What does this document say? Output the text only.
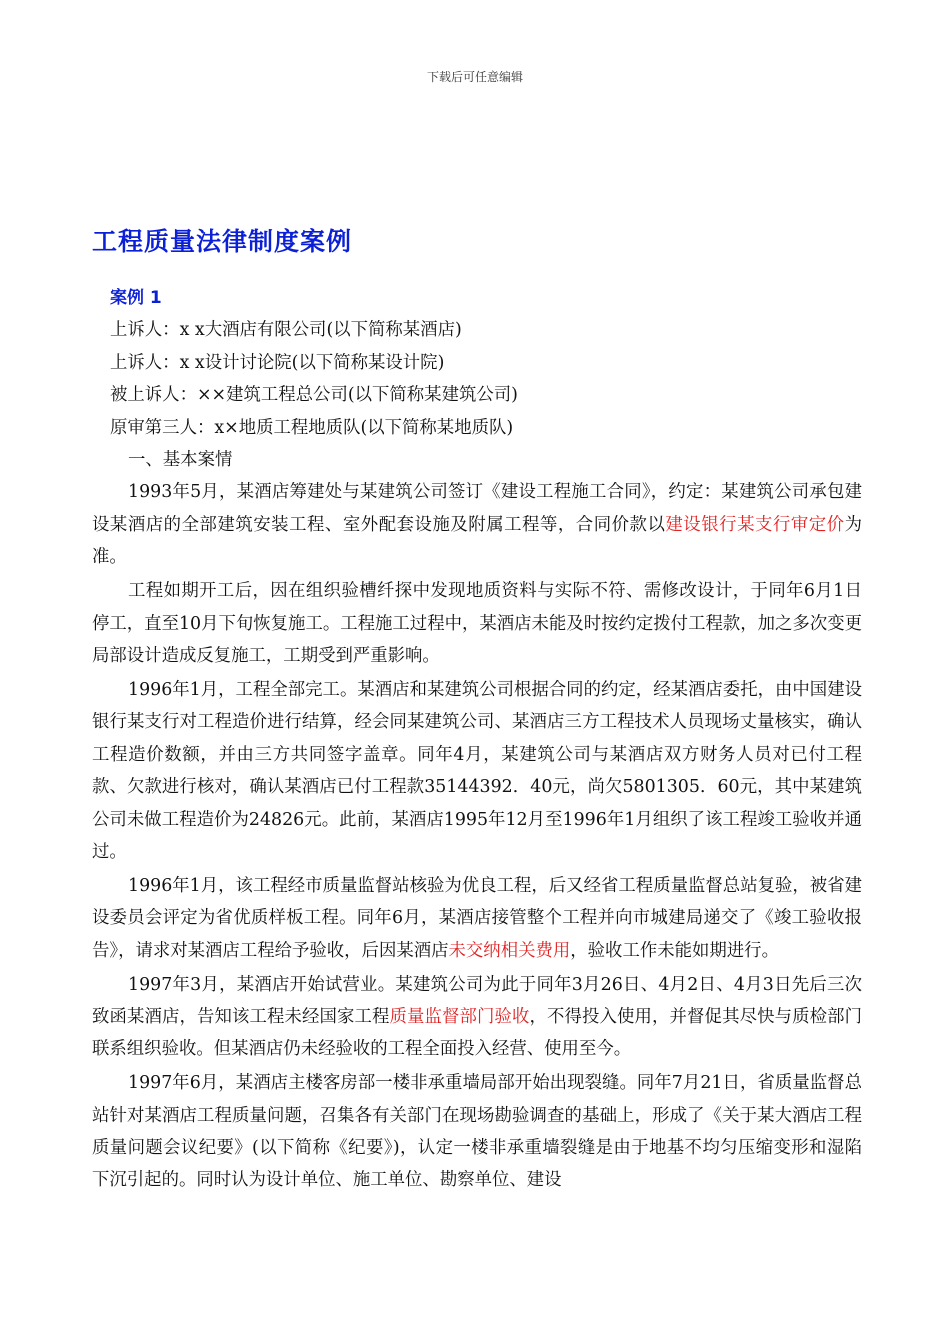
下载后可任意编辑
工程质量法律制度案例
案例 1
上诉人：x x大酒店有限公司(以下简称某酒店)
上诉人：x x设计讨论院(以下简称某设计院)
被上诉人：××建筑工程总公司(以下简称某建筑公司)
原审第三人：x×地质工程地质队(以下简称某地质队)
一、基本案情

1993年5月，某酒店筹建处与某建筑公司签订《建设工程施工合同》，约定：某建筑公司承包建设某酒店的全部建筑安装工程、室外配套设施及附属工程等，合同价款以建设银行某支行审定价为准。

工程如期开工后，因在组织验槽纤探中发现地质资料与实际不符、需修改设计，于同年6月1日停工，直至10月下旬恢复施工。工程施工过程中，某酒店未能及时按约定拨付工程款，加之多次变更局部设计造成反复施工，工期受到严重影响。

1996年1月，工程全部完工。某酒店和某建筑公司根据合同的约定，经某酒店委托，由中国建设银行某支行对工程造价进行结算，经会同某建筑公司、某酒店三方工程技术人员现场丈量核实，确认工程造价数额，并由三方共同签字盖章。同年4月，某建筑公司与某酒店双方财务人员对已付工程款、欠款进行核对，确认某酒店已付工程款35144392．40元，尚欠5801305．60元，其中某建筑公司未做工程造价为24826元。此前，某酒店1995年12月至1996年1月组织了该工程竣工验收并通过。

1996年1月，该工程经市质量监督站核验为优良工程，后又经省工程质量监督总站复验，被省建设委员会评定为省优质样板工程。同年6月，某酒店接管整个工程并向市城建局递交了《竣工验收报告》，请求对某酒店工程给予验收，后因某酒店未交纳相关费用，验收工作未能如期进行。

1997年3月，某酒店开始试营业。某建筑公司为此于同年3月26日、4月2日、4月3日先后三次致函某酒店，告知该工程未经国家工程质量监督部门验收，不得投入使用，并督促其尽快与质检部门联系组织验收。但某酒店仍未经验收的工程全面投入经营、使用至今。

1997年6月，某酒店主楼客房部一楼非承重墙局部开始出现裂缝。同年7月21日，省质量监督总站针对某酒店工程质量问题，召集各有关部门在现场勘验调查的基础上，形成了《关于某大酒店工程质量问题会议纪要》(以下简称《纪要》)，认定一楼非承重墙裂缝是由于地基不均匀压缩变形和湿陷下沉引起的。同时认为设计单位、施工单位、勘察单位、建设
